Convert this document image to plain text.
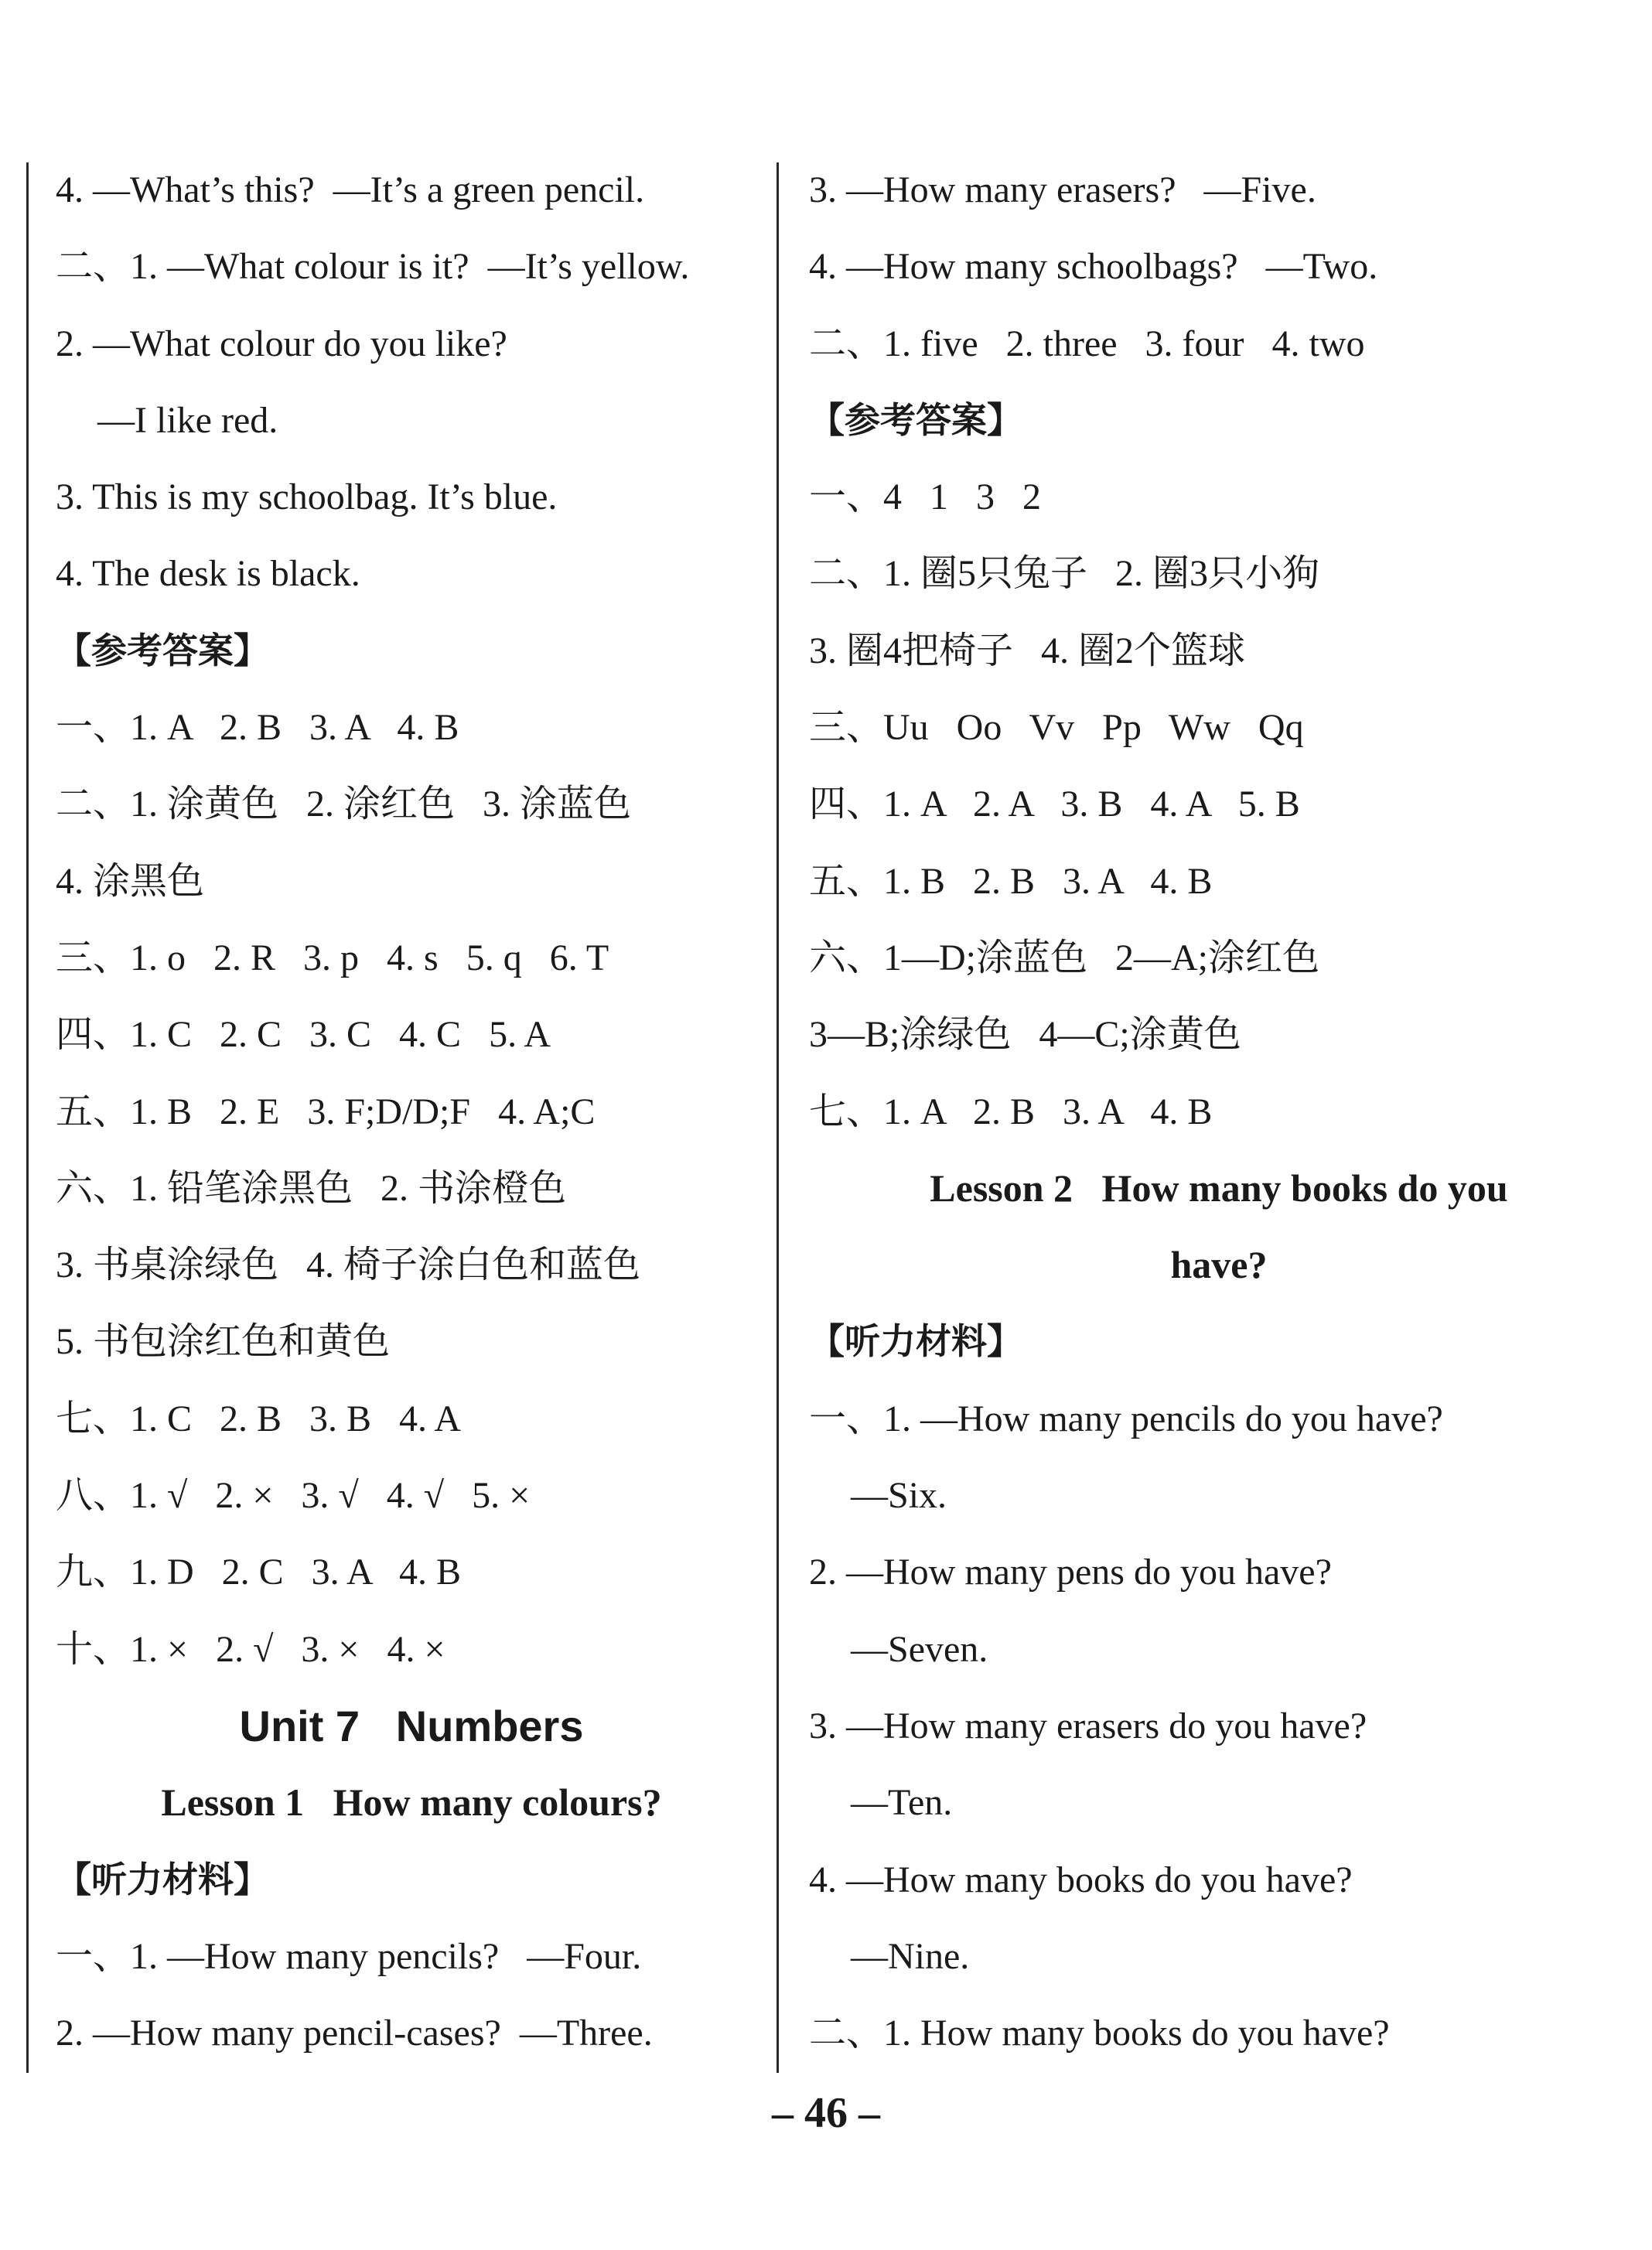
4. —What’s this?  —It’s a green pencil.
二、1. —What colour is it?  —It’s yellow.
2. —What colour do you like?
—I like red.
3. This is my schoolbag. It’s blue.
4. The desk is black.
【参考答案】
一、1. A   2. B   3. A   4. B
二、1. 涂黄色   2. 涂红色   3. 涂蓝色
4. 涂黑色
三、1. o   2. R   3. p   4. s   5. q   6. T
四、1. C   2. C   3. C   4. C   5. A
五、1. B   2. E   3. F;D/D;F   4. A;C
六、1. 铅笔涂黑色   2. 书涂橙色
3. 书桌涂绿色   4. 椅子涂白色和蓝色
5. 书包涂红色和黄色
七、1. C   2. B   3. B   4. A
八、1. √   2. ×   3. √   4. √   5. ×
九、1. D   2. C   3. A   4. B
十、1. ×   2. √   3. ×   4. ×
Unit 7   Numbers
Lesson 1   How many colours?
【听力材料】
一、1. —How many pencils?   —Four.
2. —How many pencil-cases?  —Three.
3. —How many erasers?   —Five.
4. —How many schoolbags?   —Two.
二、1. five   2. three   3. four   4. two
【参考答案】
一、4   1   3   2
二、1. 圈5只兔子   2. 圈3只小狗
3. 圈4把椅子   4. 圈2个篮球
三、Uu   Oo   Vv   Pp   Ww   Qq
四、1. A   2. A   3. B   4. A   5. B
五、1. B   2. B   3. A   4. B
六、1—D;涂蓝色   2—A;涂红色
3—B;涂绿色   4—C;涂黄色
七、1. A   2. B   3. A   4. B
Lesson 2   How many books do you
have?
【听力材料】
一、1. —How many pencils do you have?
—Six.
2. —How many pens do you have?
—Seven.
3. —How many erasers do you have?
—Ten.
4. —How many books do you have?
—Nine.
二、1. How many books do you have?
– 46 –
